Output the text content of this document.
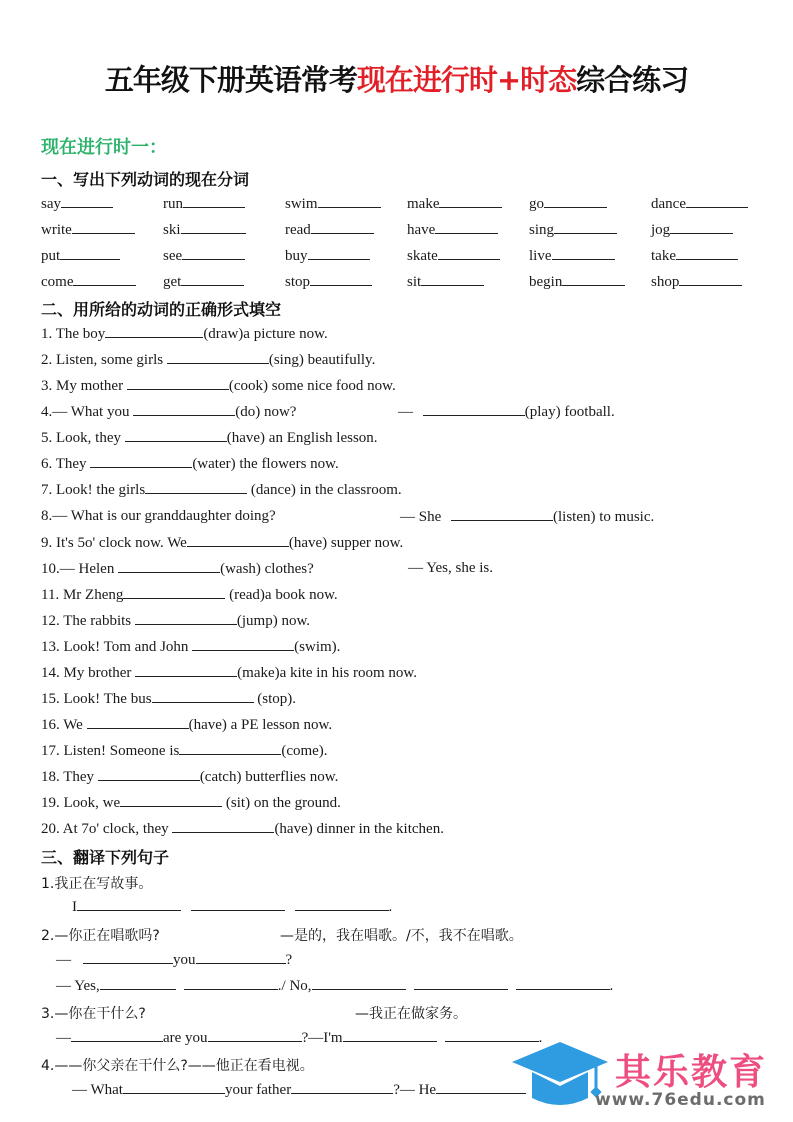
五年级下册英语常考现在进行时+时态综合练习
现在进行时一：
一、写出下列动词的现在分词
say	run	swim	make	go	dance
write	ski	read	have	sing	jog
put	see	buy	skate	live	take
come	get	stop	sit	begin	shop
二、用所给的动词的正确形式填空
1. The boy	(draw)a picture now.
2. Listen, some girls	(sing) beautifully.
3. My mother	(cook) some nice food now.
4.— What you	(do) now?	—	(play) football.
5. Look, they	(have) an English lesson.
6. They	(water) the flowers now.
7. Look! the girls	(dance) in the classroom.
8.— What is our granddaughter doing?	— She	(listen) to music.
9. It's 5o' clock now. We	(have) supper now.
10.— Helen	(wash) clothes?	— Yes, she is.
11. Mr Zheng	(read)a book now.
12. The rabbits	(jump) now.
13. Look! Tom and John	(swim).
14. My brother	(make)a kite in his room now.
15. Look! The bus	(stop).
16. We	(have) a PE lesson now.
17. Listen! Someone is	(come).
18. They	(catch) butterflies now.
19. Look, we	(sit) on the ground.
20. At 7o' clock, they	(have) dinner in the kitchen.
三、翻译下列句子
1.我正在写故事。
I	.
2.—你正在唱歌吗?	—是的，我在唱歌。/不，我不在唱歌。
—	you	?
— Yes,	./ No,	.
3.—你在干什么?	—我正在做家务。
—	are you	?—I'm	.
4.——你父亲在干什么?——他正在看电视。
— What	your father	?— He	其乐教育
www.76edu.com
